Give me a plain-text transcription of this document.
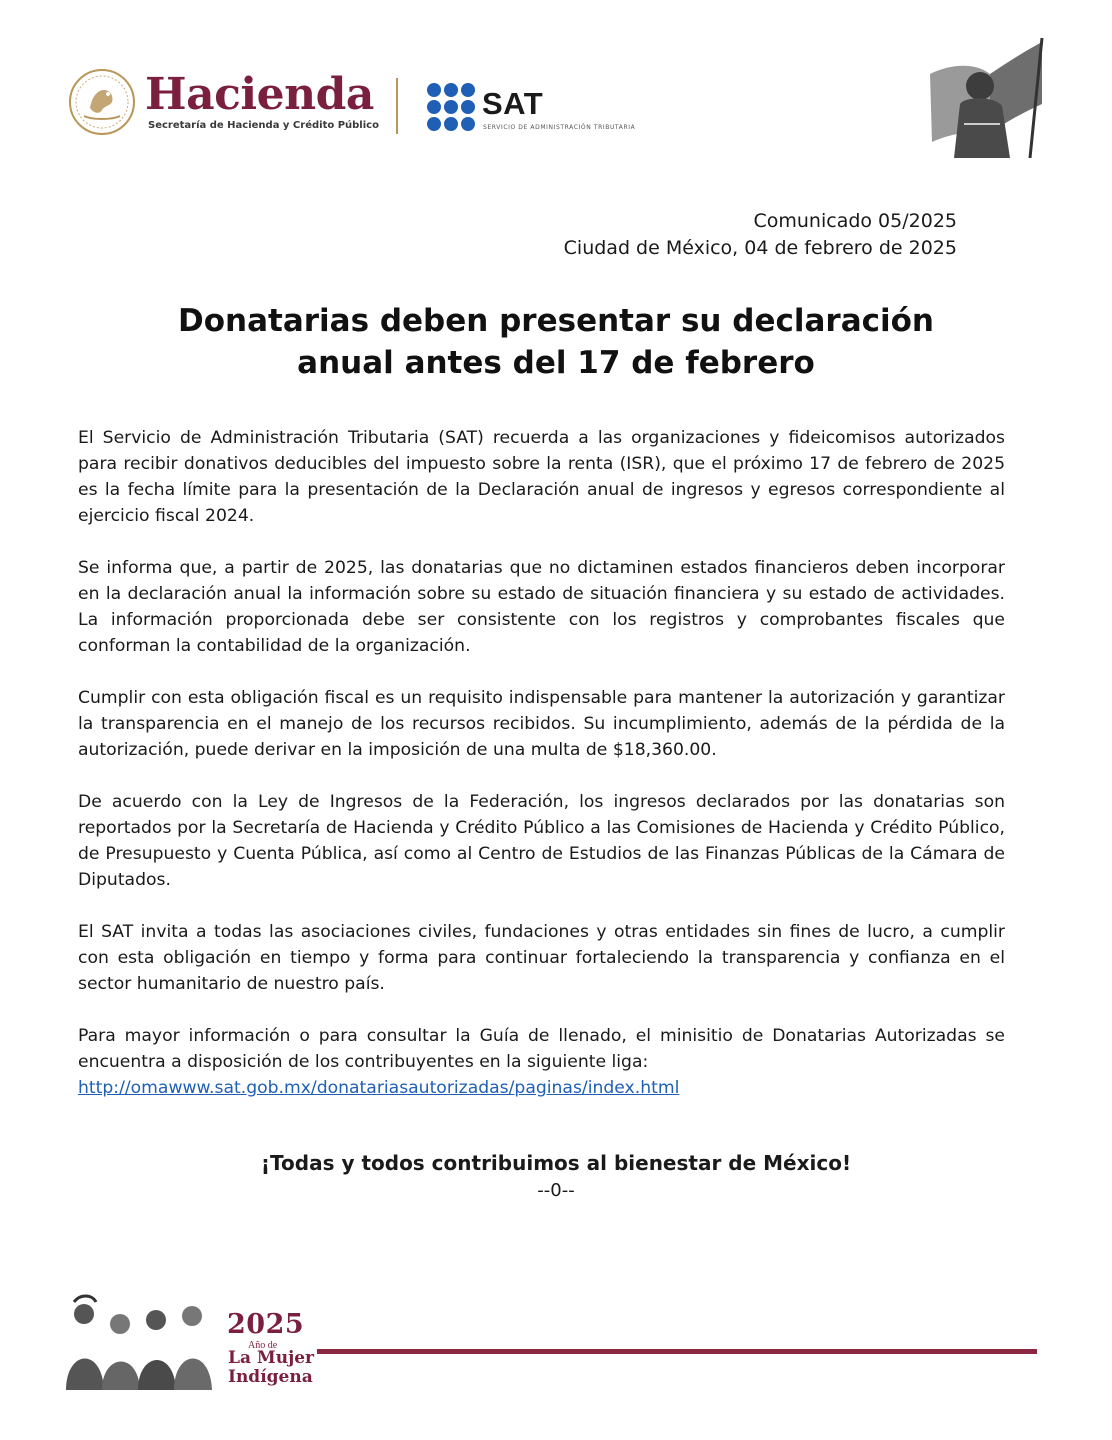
Hacienda
Secretaría de Hacienda y Crédito Público
SAT
SERVICIO DE ADMINISTRACIÓN TRIBUTARIA
Comunicado 05/2025
Ciudad de México, 04 de febrero de 2025
Donatarias deben presentar su declaración
anual antes del 17 de febrero

El Servicio de Administración Tributaria (SAT) recuerda a las organizaciones y fideicomisos autorizados para recibir donativos deducibles del impuesto sobre la renta (ISR), que el próximo 17 de febrero de 2025 es la fecha límite para la presentación de la Declaración anual de ingresos y egresos correspondiente al ejercicio fiscal 2024.

Se informa que, a partir de 2025, las donatarias que no dictaminen estados financieros deben incorporar en la declaración anual la información sobre su estado de situación financiera y su estado de actividades. La información proporcionada debe ser consistente con los registros y comprobantes fiscales que conforman la contabilidad de la organización.

Cumplir con esta obligación fiscal es un requisito indispensable para mantener la autorización y garantizar la transparencia en el manejo de los recursos recibidos. Su incumplimiento, además de la pérdida de la autorización, puede derivar en la imposición de una multa de $18,360.00.

De acuerdo con la Ley de Ingresos de la Federación, los ingresos declarados por las donatarias son reportados por la Secretaría de Hacienda y Crédito Público a las Comisiones de Hacienda y Crédito Público, de Presupuesto y Cuenta Pública, así como al Centro de Estudios de las Finanzas Públicas de la Cámara de Diputados.

El SAT invita a todas las asociaciones civiles, fundaciones y otras entidades sin fines de lucro, a cumplir con esta obligación en tiempo y forma para continuar fortaleciendo la transparencia y confianza en el sector humanitario de nuestro país.

Para mayor información o para consultar la Guía de llenado, el minisitio de Donatarias Autorizadas se encuentra a disposición de los contribuyentes en la siguiente liga:
http://omawww.sat.gob.mx/donatariasautorizadas/paginas/index.html

¡Todas y todos contribuimos al bienestar de México!
--0--
2025
Año de
La Mujer
Indígena
